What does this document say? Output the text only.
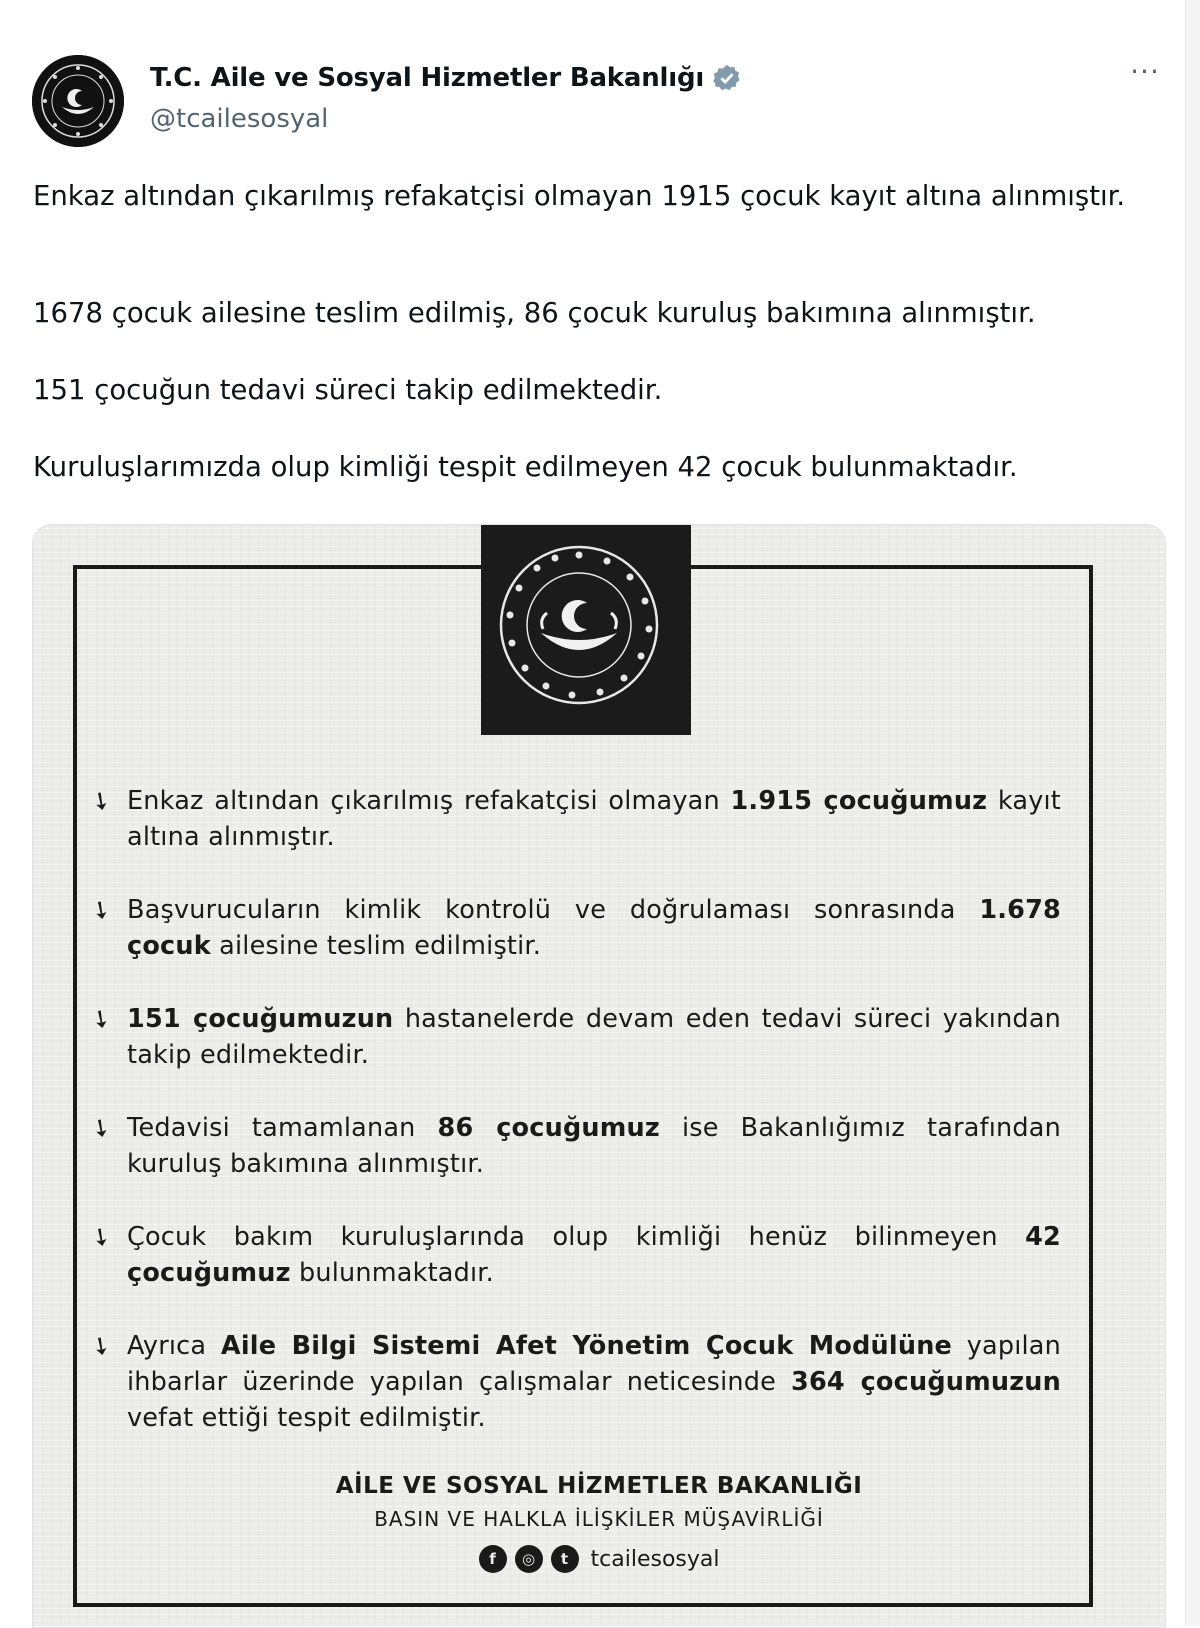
T.C. Aile ve Sosyal Hizmetler Bakanlığı
@tcailesosyal
···
Enkaz altından çıkarılmış refakatçisi olmayan 1915 çocuk kayıt altına alınmıştır.
1678 çocuk ailesine teslim edilmiş, 86 çocuk kuruluş bakımına alınmıştır.
151 çocuğun tedavi süreci takip edilmektedir.
Kuruluşlarımızda olup kimliği tespit edilmeyen 42 çocuk bulunmaktadır.
➘ Enkaz altından çıkarılmış refakatçisi olmayan 1.915 çocuğumuz kayıt altına alınmıştır.
➘ Başvurucuların kimlik kontrolü ve doğrulaması sonrasında 1.678 çocuk ailesine teslim edilmiştir.
➘ 151 çocuğumuzun hastanelerde devam eden tedavi süreci yakından takip edilmektedir.
➘ Tedavisi tamamlanan 86 çocuğumuz ise Bakanlığımız tarafından kuruluş bakımına alınmıştır.
➘ Çocuk bakım kuruluşlarında olup kimliği henüz bilinmeyen 42 çocuğumuz bulunmaktadır.
➘ Ayrıca Aile Bilgi Sistemi Afet Yönetim Çocuk Modülüne yapılan ihbarlar üzerinde yapılan çalışmalar neticesinde 364 çocuğumuzun vefat ettiği tespit edilmiştir.
AİLE VE SOSYAL HİZMETLER BAKANLIĞI
BASIN VE HALKLA İLİŞKİLER MÜŞAVİRLİĞİ
f	◎	t	tcailesosyal
